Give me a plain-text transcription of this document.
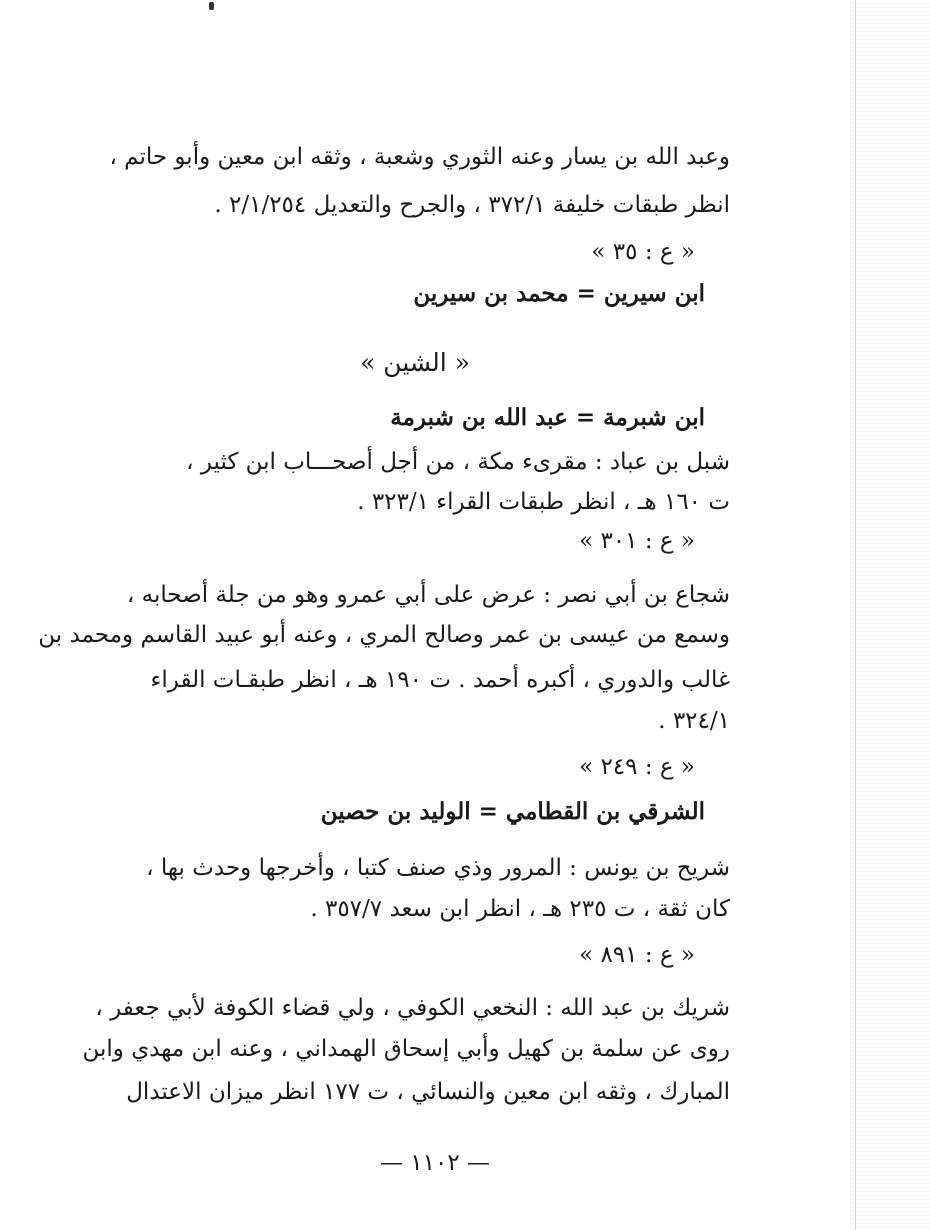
وعبد الله بن يسار وعنه الثوري وشعبة ، وثقه ابن معين وأبو حاتم ،
انظر طبقات خليفة ٣٧٢/١ ، والجرح والتعديل ٢/١/٢٥٤ .
« ع : ٣٥ »
ابن سيرين = محمد بن سيرين
« الشين »
ابن شبرمة = عبد الله بن شبرمة
شبل بن عباد : مقرىء مكة ، من أجل أصحـــاب ابن كثير ،
ت ١٦٠ هـ ، انظر طبقات القراء ٣٢٣/١ .
« ع : ٣٠١ »
شجاع بن أبي نصر : عرض على أبي عمرو وهو من جلة أصحابه ،
وسمع من عيسى بن عمر وصالح المري ، وعنه أبو عبيد القاسم ومحمد بن
غالب والدوري ، أكبره أحمد . ت ١٩٠ هـ ، انظر طبقـات القراء
٣٢٤/١ .
« ع : ٢٤٩ »
الشرقي بن القطامي = الوليد بن حصين
شريح بن يونس : المرور وذي صنف كتبا ، وأخرجها وحدث بها ،
كان ثقة ، ت ٢٣٥ هـ ، انظر ابن سعد ٣٥٧/٧ .
« ع : ٨٩١ »
شريك بن عبد الله : النخعي الكوفي ، ولي قضاء الكوفة لأبي جعفر ،
روى عن سلمة بن كهيل وأبي إسحاق الهمداني ، وعنه ابن مهدي وابن
المبارك ، وثقه ابن معين والنسائي ، ت ١٧٧ انظر ميزان الاعتدال
— ١١٠٢ —
